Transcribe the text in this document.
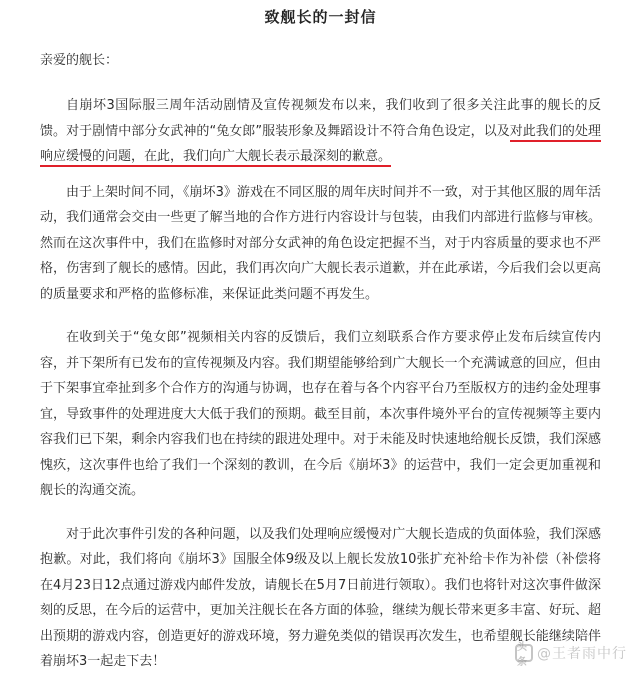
致舰长的一封信
亲爱的舰长：

自崩坏3国际服三周年活动剧情及宣传视频发布以来，我们收到了很多关注此事的舰长的反馈。对于剧情中部分女武神的“兔女郎”服装形象及舞蹈设计不符合角色设定，以及对此我们的处理响应缓慢的问题，在此，我们向广大舰长表示最深刻的歉意。

由于上架时间不同，《崩坏3》游戏在不同区服的周年庆时间并不一致，对于其他区服的周年活动，我们通常会交由一些更了解当地的合作方进行内容设计与包装，由我们内部进行监修与审核。然而在这次事件中，我们在监修时对部分女武神的角色设定把握不当，对于内容质量的要求也不严格，伤害到了舰长的感情。因此，我们再次向广大舰长表示道歉，并在此承诺，今后我们会以更高的质量要求和严格的监修标准，来保证此类问题不再发生。

在收到关于“兔女郎”视频相关内容的反馈后，我们立刻联系合作方要求停止发布后续宣传内容，并下架所有已发布的宣传视频及内容。我们期望能够给到广大舰长一个充满诚意的回应，但由于下架事宜牵扯到多个合作方的沟通与协调，也存在着与各个内容平台乃至版权方的违约金处理事宜，导致事件的处理进度大大低于我们的预期。截至目前，本次事件境外平台的宣传视频等主要内容我们已下架，剩余内容我们也在持续的跟进处理中。对于未能及时快速地给舰长反馈，我们深感愧疚，这次事件也给了我们一个深刻的教训，在今后《崩坏3》的运营中，我们一定会更加重视和舰长的沟通交流。

对于此次事件引发的各种问题，以及我们处理响应缓慢对广大舰长造成的负面体验，我们深感抱歉。对此，我们将向《崩坏3》国服全体9级及以上舰长发放10张扩充补给卡作为补偿（补偿将在4月23日12点通过游戏内邮件发放，请舰长在5月7日前进行领取）。我们也将针对这次事件做深刻的反思，在今后的运营中，更加关注舰长在各方面的体验，继续为舰长带来更多丰富、好玩、超出预期的游戏内容，创造更好的游戏环境，努力避免类似的错误再次发生，也希望舰长能继续陪伴着崩坏3一起走下去！

头条
@王者雨中行
